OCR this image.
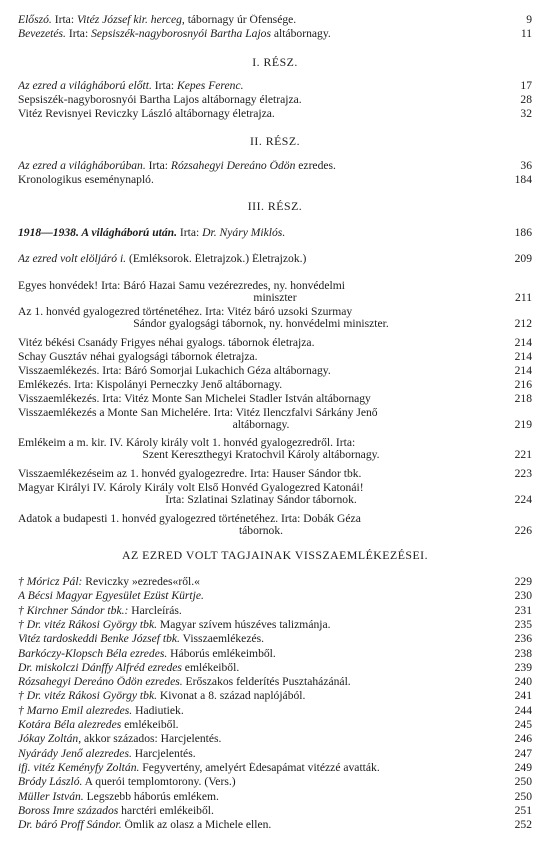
Előszó. Irta: Vitéz József kir. herceg, tábornagy úr Őfensége.	9
Bevezetés. Irta: Sepsiszék-nagyborosnyói Bartha Lajos altábornagy.	11
I. RÉSZ.
Az ezred a világháború előtt. Irta: Kepes Ferenc.	17
Sepsiszék-nagyborosnyói Bartha Lajos altábornagy életrajza.	28
Vitéz Revisnyei Reviczky László altábornagy életrajza.	32
II. RÉSZ.
Az ezred a világháborúban. Irta: Rózsahegyi Dereáno Ödön ezredes.	36
Kronologikus eseménynapló.	184
III. RÉSZ.
1918—1938. A világháború után. Irta: Dr. Nyáry Miklós.	186
Az ezred volt elöljáró i. (Emléksorok. Életrajzok.) Életrajzok.)	209
Egyes honvédek! Irta: Báró Hazai Samu vezérezredes, ny. honvédelmi
miniszter	211
Az 1. honvéd gyalogezred történetéhez. Irta: Vitéz báró uzsoki Szurmay
Sándor gyalogsági tábornok, ny. honvédelmi miniszter.	212
Vitéz békési Csanády Frigyes néhai gyalogs. tábornok életrajza.	214
Schay Gusztáv néhai gyalogsági tábornok életrajza.	214
Visszaemlékezés. Irta: Báró Somorjai Lukachich Géza altábornagy.	214
Emlékezés. Irta: Kispolányi Perneczky Jenő altábornagy.	216
Visszaemlékezés. Irta: Vitéz Monte San Michelei Stadler István altábornagy	218
Visszaemlékezés a Monte San Michelére. Irta: Vitéz Ilenczfalvi Sárkány Jenő
altábornagy.	219
Emlékeim a m. kir. IV. Károly király volt 1. honvéd gyalogezredről. Irta:
Szent Kereszthegyi Kratochvil Károly altábornagy.	221
Visszaemlékezéseim az 1. honvéd gyalogezredre. Irta: Hauser Sándor tbk.	223
Magyar Királyi IV. Károly Király volt Első Honvéd Gyalogezred Katonái!
Irta: Szlatinai Szlatinay Sándor tábornok.	224
Adatok a budapesti 1. honvéd gyalogezred történetéhez. Irta: Dobák Géza
tábornok.	226
AZ EZRED VOLT TAGJAINAK VISSZAEMLÉKEZÉSEI.
† Móricz Pál: Reviczky »ezredes«ről.«	229
A Bécsi Magyar Egyesület Ezüst Kürtje.	230
† Kirchner Sándor tbk.: Harcleírás.	231
† Dr. vitéz Rákosi György tbk. Magyar szívem húszéves talizmánja.	235
Vitéz tardoskeddi Benke József tbk. Visszaemlékezés.	236
Barkóczy-Klopsch Béla ezredes. Háborús emlékeimből.	238
Dr. miskolczi Dánffy Alfréd ezredes emlékeiből.	239
Rózsahegyi Dereáno Ödön ezredes. Erőszakos felderítés Pusztaházánál.	240
† Dr. vitéz Rákosi György tbk. Kivonat a 8. század naplójából.	241
† Marno Emil alezredes. Hadiutiek.	244
Kotára Béla alezredes emlékeiből.	245
Jókay Zoltán, akkor százados: Harcjelentés.	246
Nyárády Jenő alezredes. Harcjelentés.	247
ifj. vitéz Keményfy Zoltán. Fegyvertény, amelyért Édesapámat vitézzé avatták.	249
Bródy László. A querói templomtorony. (Vers.)	250
Müller István. Legszebb háborús emlékem.	250
Boross Imre százados harctéri emlékeiből.	251
Dr. báró Proff Sándor. Ömlik az olasz a Michele ellen.	252
